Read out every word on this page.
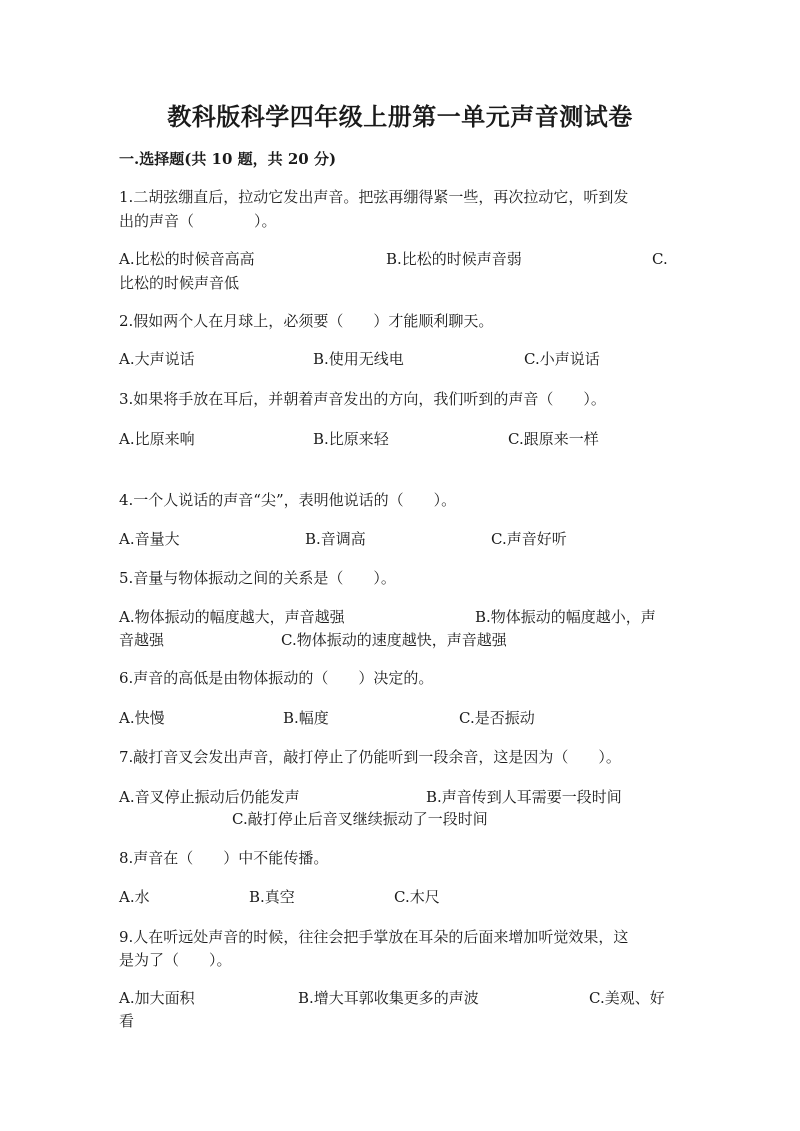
教科版科学四年级上册第一单元声音测试卷
一.选择题(共 10 题，共 20 分)
1.二胡弦绷直后，拉动它发出声音。把弦再绷得紧一些，再次拉动它，听到发
出的声音（　　　　）。
A.比松的时候音高高	B.比松的时候声音弱	C.
比松的时候声音低
2.假如两个人在月球上，必须要（　　）才能顺利聊天。
A.大声说话	B.使用无线电	C.小声说话
3.如果将手放在耳后，并朝着声音发出的方向，我们听到的声音（　　）。
A.比原来响	B.比原来轻	C.跟原来一样
4.一个人说话的声音“尖”，表明他说话的（　　）。
A.音量大	B.音调高	C.声音好听
5.音量与物体振动之间的关系是（　　）。
A.物体振动的幅度越大，声音越强	B.物体振动的幅度越小，声
音越强	C.物体振动的速度越快，声音越强
6.声音的高低是由物体振动的（　　）决定的。
A.快慢	B.幅度	C.是否振动
7.敲打音叉会发出声音，敲打停止了仍能听到一段余音，这是因为（　　）。
A.音叉停止振动后仍能发声	B.声音传到人耳需要一段时间
C.敲打停止后音叉继续振动了一段时间
8.声音在（　　）中不能传播。
A.水	B.真空	C.木尺
9.人在听远处声音的时候，往往会把手掌放在耳朵的后面来增加听觉效果，这
是为了（　　）。
A.加大面积	B.增大耳郭收集更多的声波	C.美观、好
看
